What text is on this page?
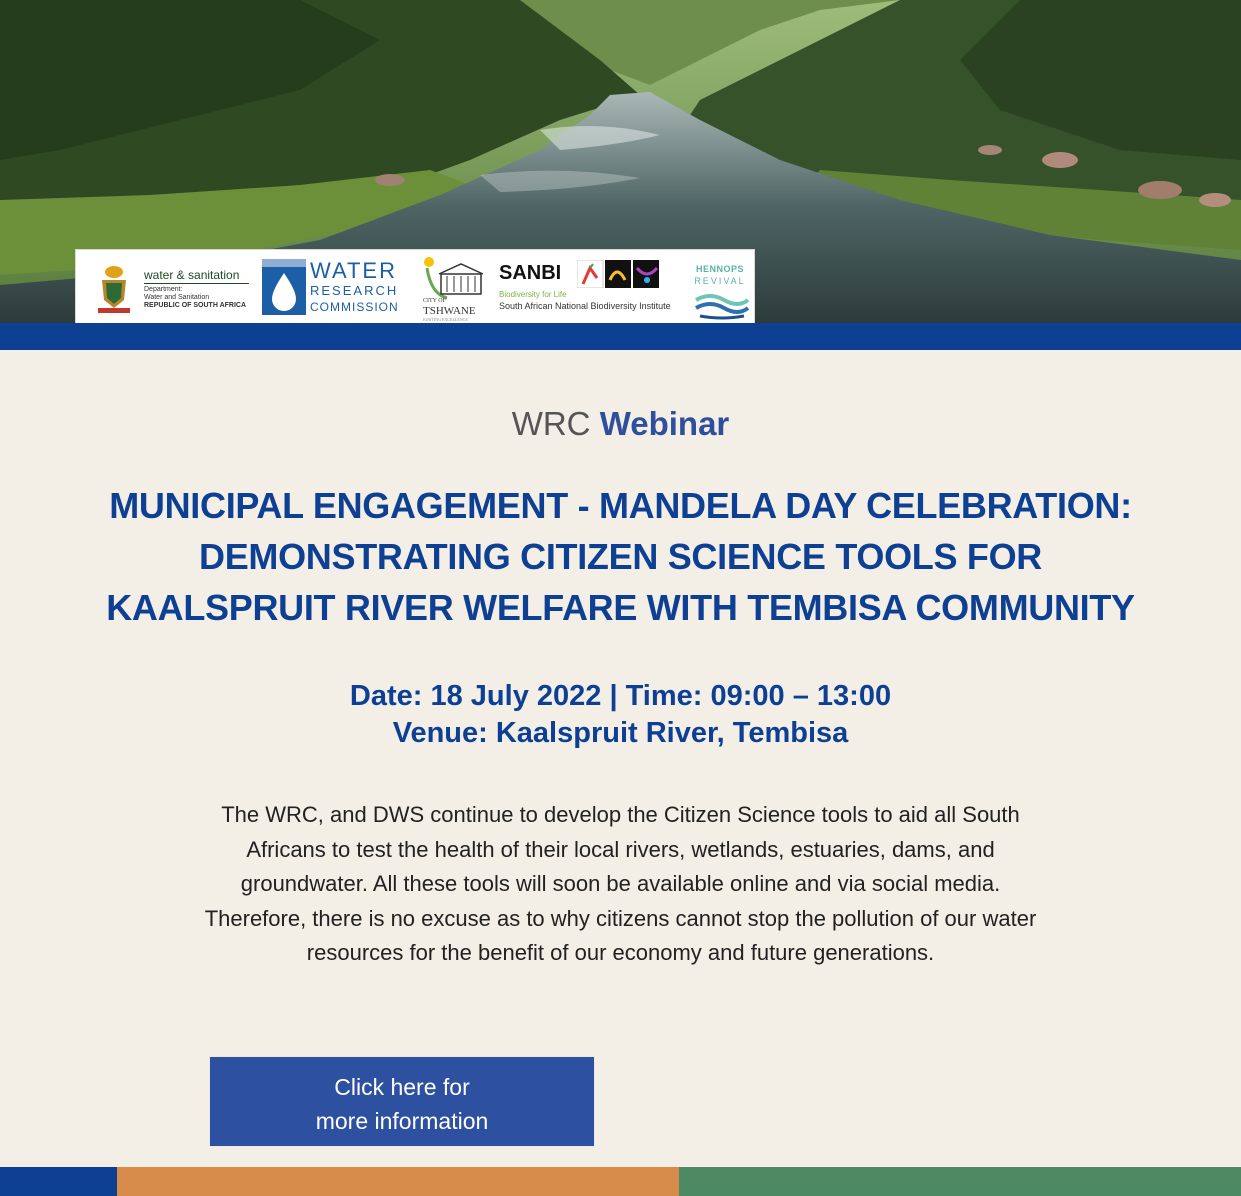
water & sanitation
Department:
Water and Sanitation
REPUBLIC OF SOUTH AFRICA
WATER
RESEARCH
COMMISSION	CITY OF
TSHWANE
IGNITING EXCELLENCE
SANBI
Biodiversity for Life
South African National Biodiversity Institute
HENNOPS
REVIVAL
WRC Webinar
MUNICIPAL ENGAGEMENT - MANDELA DAY CELEBRATION:
DEMONSTRATING CITIZEN SCIENCE TOOLS FOR
KAALSPRUIT RIVER WELFARE WITH TEMBISA COMMUNITY
Date: 18 July 2022 | Time: 09:00 – 13:00
Venue: Kaalspruit River, Tembisa
The WRC, and DWS continue to develop the Citizen Science tools to aid all South
Africans to test the health of their local rivers, wetlands, estuaries, dams, and
groundwater. All these tools will soon be available online and via social media.
Therefore, there is no excuse as to why citizens cannot stop the pollution of our water
resources for the benefit of our economy and future generations.
Click here for
more information
